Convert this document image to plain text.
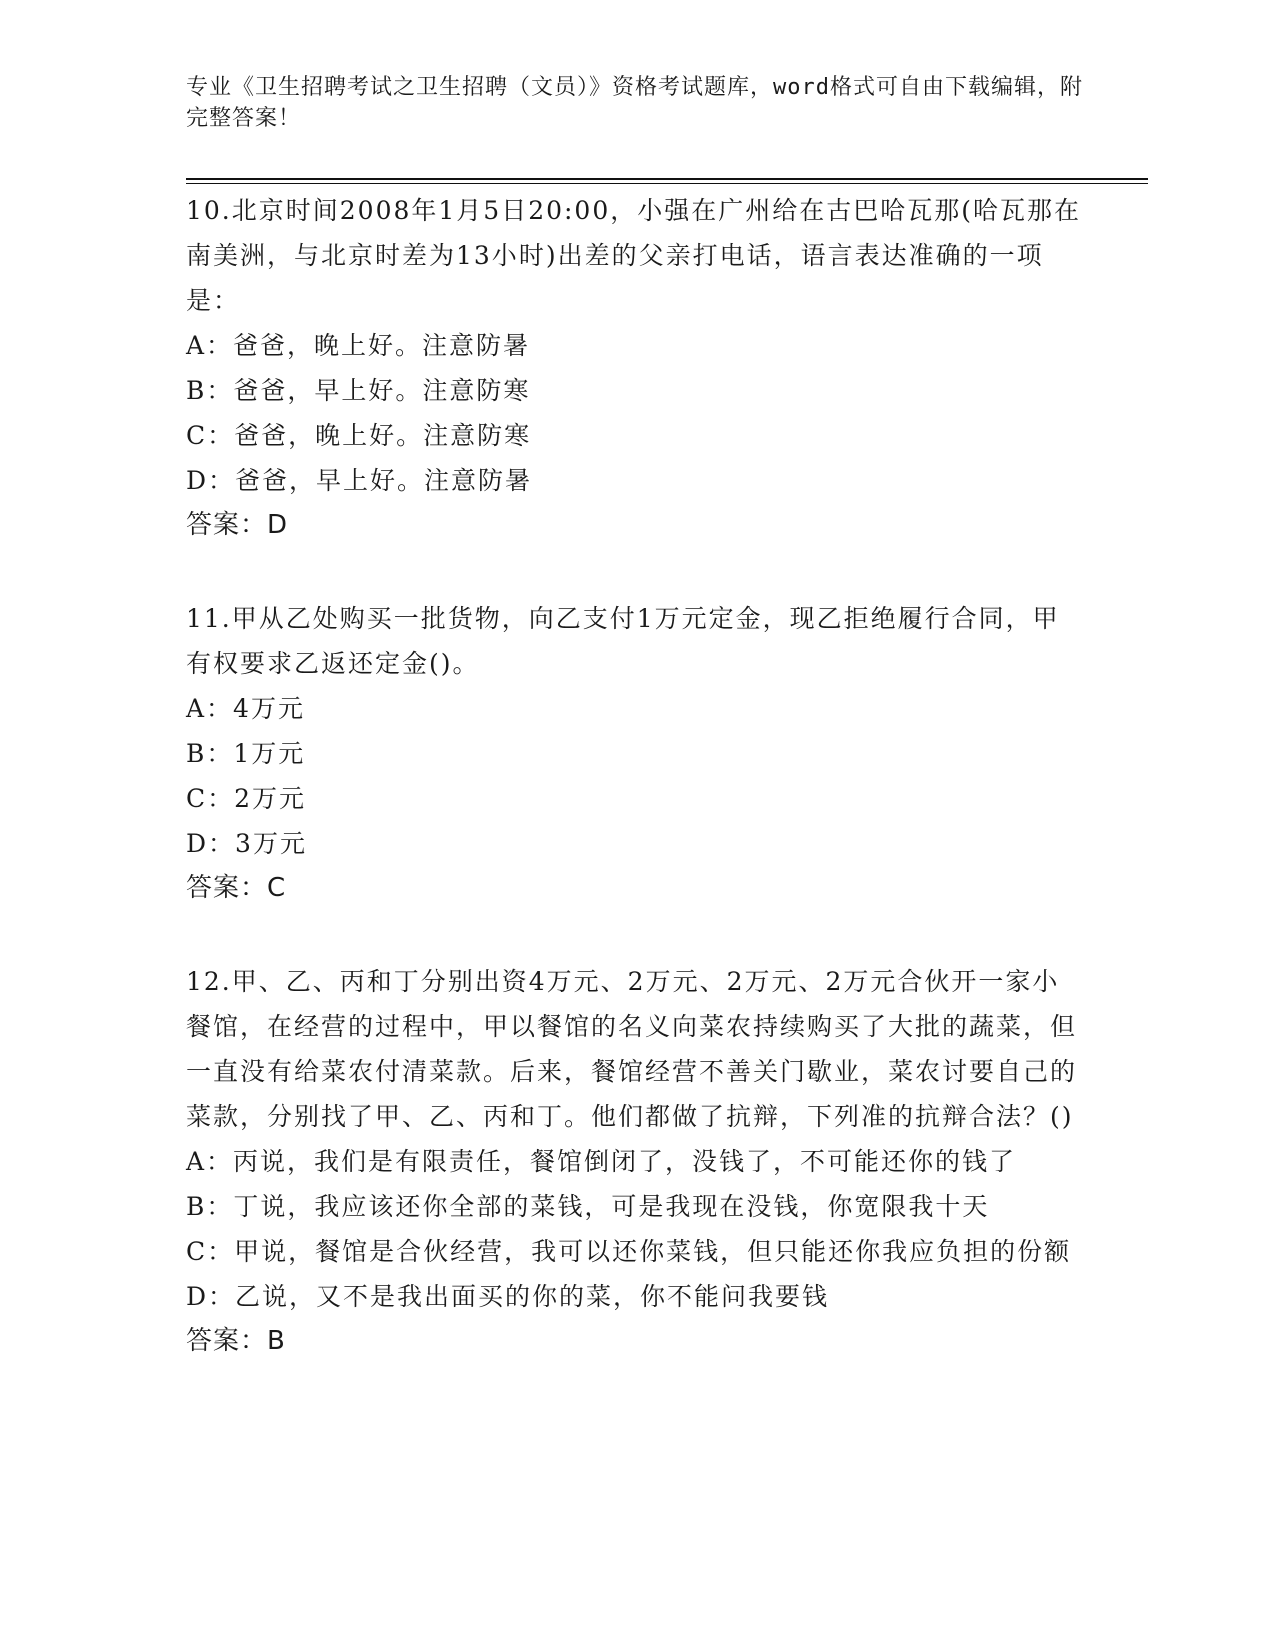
专业《卫生招聘考试之卫生招聘（文员）》资格考试题库，word格式可自由下载编辑，附完整答案！

10.北京时间2008年1月5日20:00，小强在广州给在古巴哈瓦那(哈瓦那在南美洲，与北京时差为13小时)出差的父亲打电话，语言表达准确的一项是：

A：爸爸，晚上好。注意防暑

B：爸爸，早上好。注意防寒

C：爸爸，晚上好。注意防寒

D：爸爸，早上好。注意防暑

答案：D

11.甲从乙处购买一批货物，向乙支付1万元定金，现乙拒绝履行合同，甲有权要求乙返还定金()。

A：4万元

B：1万元

C：2万元

D：3万元

答案：C

12.甲、乙、丙和丁分别出资4万元、2万元、2万元、2万元合伙开一家小餐馆，在经营的过程中，甲以餐馆的名义向菜农持续购买了大批的蔬菜，但一直没有给菜农付清菜款。后来，餐馆经营不善关门歇业，菜农讨要自己的菜款，分别找了甲、乙、丙和丁。他们都做了抗辩，下列准的抗辩合法？()

A：丙说，我们是有限责任，餐馆倒闭了，没钱了，不可能还你的钱了

B：丁说，我应该还你全部的菜钱，可是我现在没钱，你宽限我十天

C：甲说，餐馆是合伙经营，我可以还你菜钱，但只能还你我应负担的份额

D：乙说，又不是我出面买的你的菜，你不能问我要钱

答案：B
